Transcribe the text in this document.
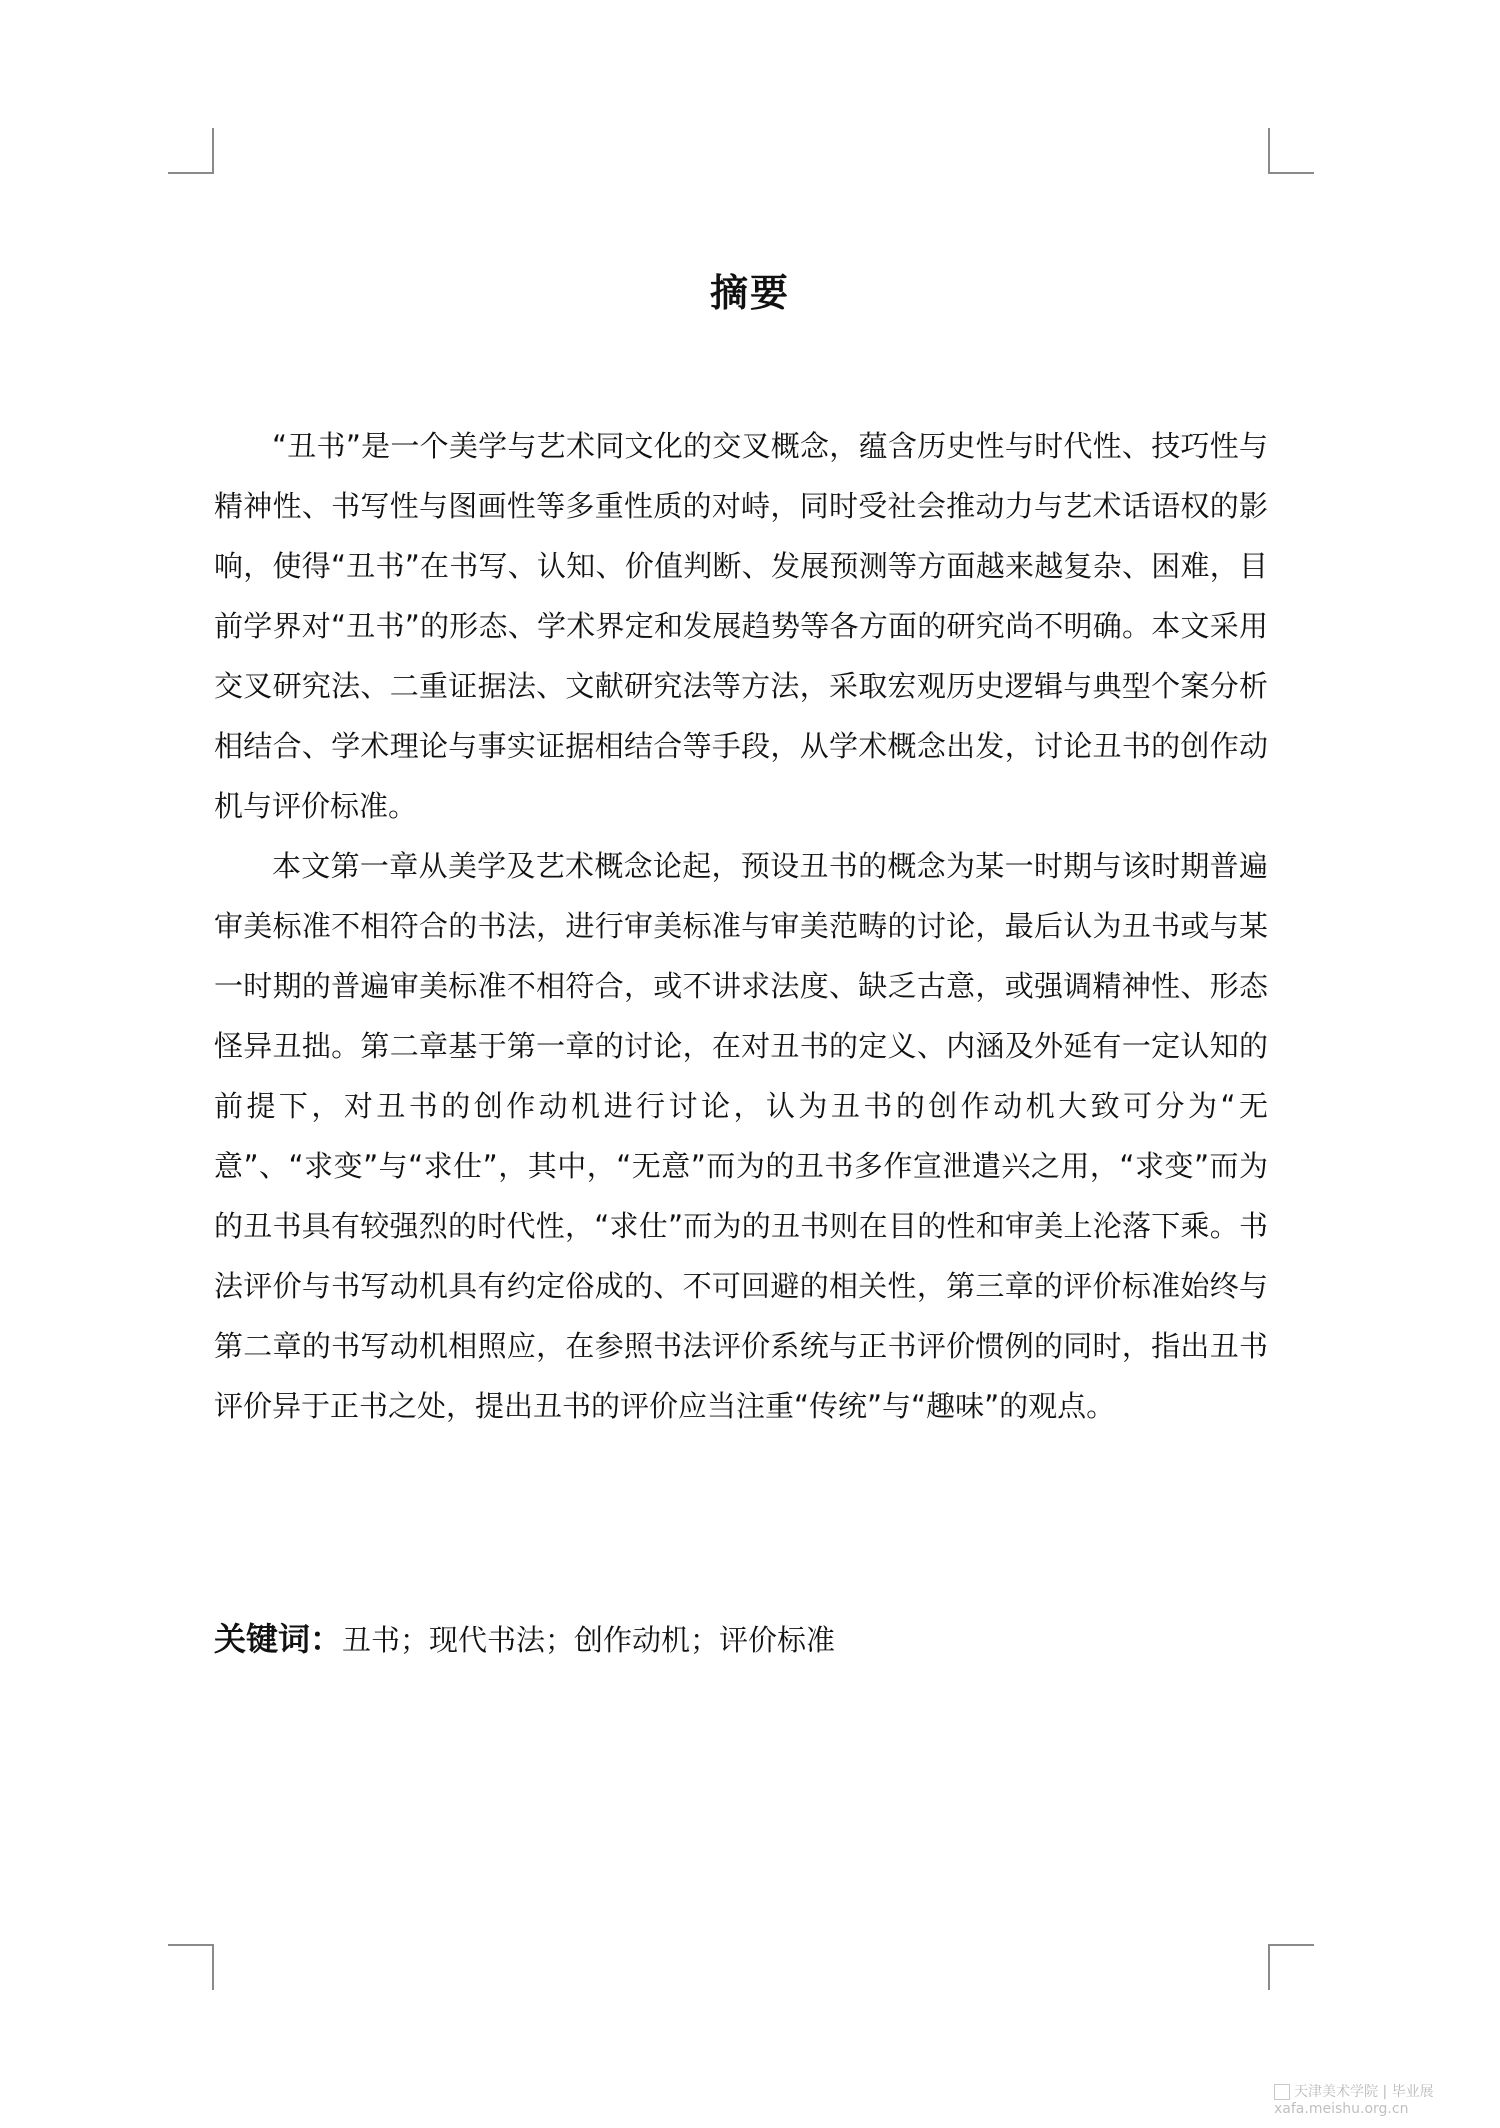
摘要

“丑书”是一个美学与艺术同文化的交叉概念，蕴含历史性与时代性、技巧性与精神性、书写性与图画性等多重性质的对峙，同时受社会推动力与艺术话语权的影响，使得“丑书”在书写、认知、价值判断、发展预测等方面越来越复杂、困难，目前学界对“丑书”的形态、学术界定和发展趋势等各方面的研究尚不明确。本文采用交叉研究法、二重证据法、文献研究法等方法，采取宏观历史逻辑与典型个案分析相结合、学术理论与事实证据相结合等手段，从学术概念出发，讨论丑书的创作动机与评价标准。

本文第一章从美学及艺术概念论起，预设丑书的概念为某一时期与该时期普遍审美标准不相符合的书法，进行审美标准与审美范畴的讨论，最后认为丑书或与某一时期的普遍审美标准不相符合，或不讲求法度、缺乏古意，或强调精神性、形态怪异丑拙。第二章基于第一章的讨论，在对丑书的定义、内涵及外延有一定认知的前提下，对丑书的创作动机进行讨论，认为丑书的创作动机大致可分为“无意”、“求变”与“求仕”，其中，“无意”而为的丑书多作宣泄遣兴之用，“求变”而为的丑书具有较强烈的时代性，“求仕”而为的丑书则在目的性和审美上沦落下乘。书法评价与书写动机具有约定俗成的、不可回避的相关性，第三章的评价标准始终与第二章的书写动机相照应，在参照书法评价系统与正书评价惯例的同时，指出丑书评价异于正书之处，提出丑书的评价应当注重“传统”与“趣味”的观点。

关键词：丑书；现代书法；创作动机；评价标准
天津美术学院 | 毕业展
xafa.meishu.org.cn
